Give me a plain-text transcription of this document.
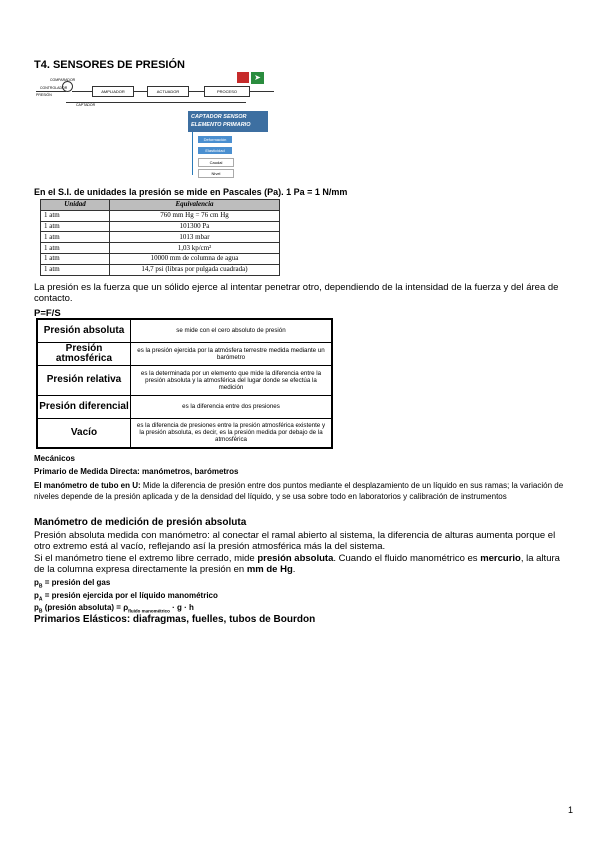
T4. SENSORES DE PRESIÓN
PRESIÓN
COMPARADOR
AMPLIADOR	ACTUADOR	PROCESO
CAPTADOR
CONTROLADOR
➤
CAPTADOR SENSOR
ELEMENTO PRIMARIO
Deformación
Elasticidad
Caudal
Nivel
En el S.I. de unidades la presión se mide en Pascales (Pa). 1 Pa = 1 N/mm
Unidad	Equivalencia
1 atm	760 mm Hg = 76 cm Hg
1 atm	101300 Pa
1 atm	1013 mbar
1 atm	1,03 kp/cm²
1 atm	10000 mm de columna de agua
1 atm	14,7 psi (libras por pulgada cuadrada)
La presión es la fuerza que un sólido ejerce al intentar penetrar otro, dependiendo de la intensidad de la fuerza y del área de contacto.
P=F/S
Presión absoluta	se mide con el cero absoluto de presión
Presión atmosférica	es la presión ejercida por la atmósfera terrestre medida mediante un barómetro
Presión relativa	es la determinada por un elemento que mide la diferencia entre la presión absoluta y la atmosférica del lugar donde se efectúa la medición
Presión diferencial	es la diferencia entre dos presiones
Vacío	es la diferencia de presiones entre la presión atmosférica existente y la presión absoluta, es decir, es la presión medida por debajo de la atmosférica
Mecánicos
Primario de Medida Directa: manómetros, barómetros
El manómetro de tubo en U: Mide la diferencia de presión entre dos puntos mediante el desplazamiento de un líquido en sus ramas; la variación de niveles depende de la presión aplicada y de la densidad del líquido, y se usa sobre todo en laboratorios y calibración de instrumentos
Manómetro de medición de presión absoluta
Presión absoluta medida con manómetro: al conectar el ramal abierto al sistema, la diferencia de alturas aumenta porque el otro extremo está al vacío, reflejando así la presión atmosférica más la del sistema.
Si el manómetro tiene el extremo libre cerrado, mide presión absoluta. Cuando el fluido manométrico es mercurio, la altura de la columna expresa directamente la presión en mm de Hg.
$p_B$ = presión del gas
$p_A$ = presión ejercida por el líquido manométrico
$p_B$ (presión absoluta) = $\rho_{fluido manométrico} \cdot g \cdot h$
Primarios Elásticos: diafragmas, fuelles, tubos de Bourdon
1
